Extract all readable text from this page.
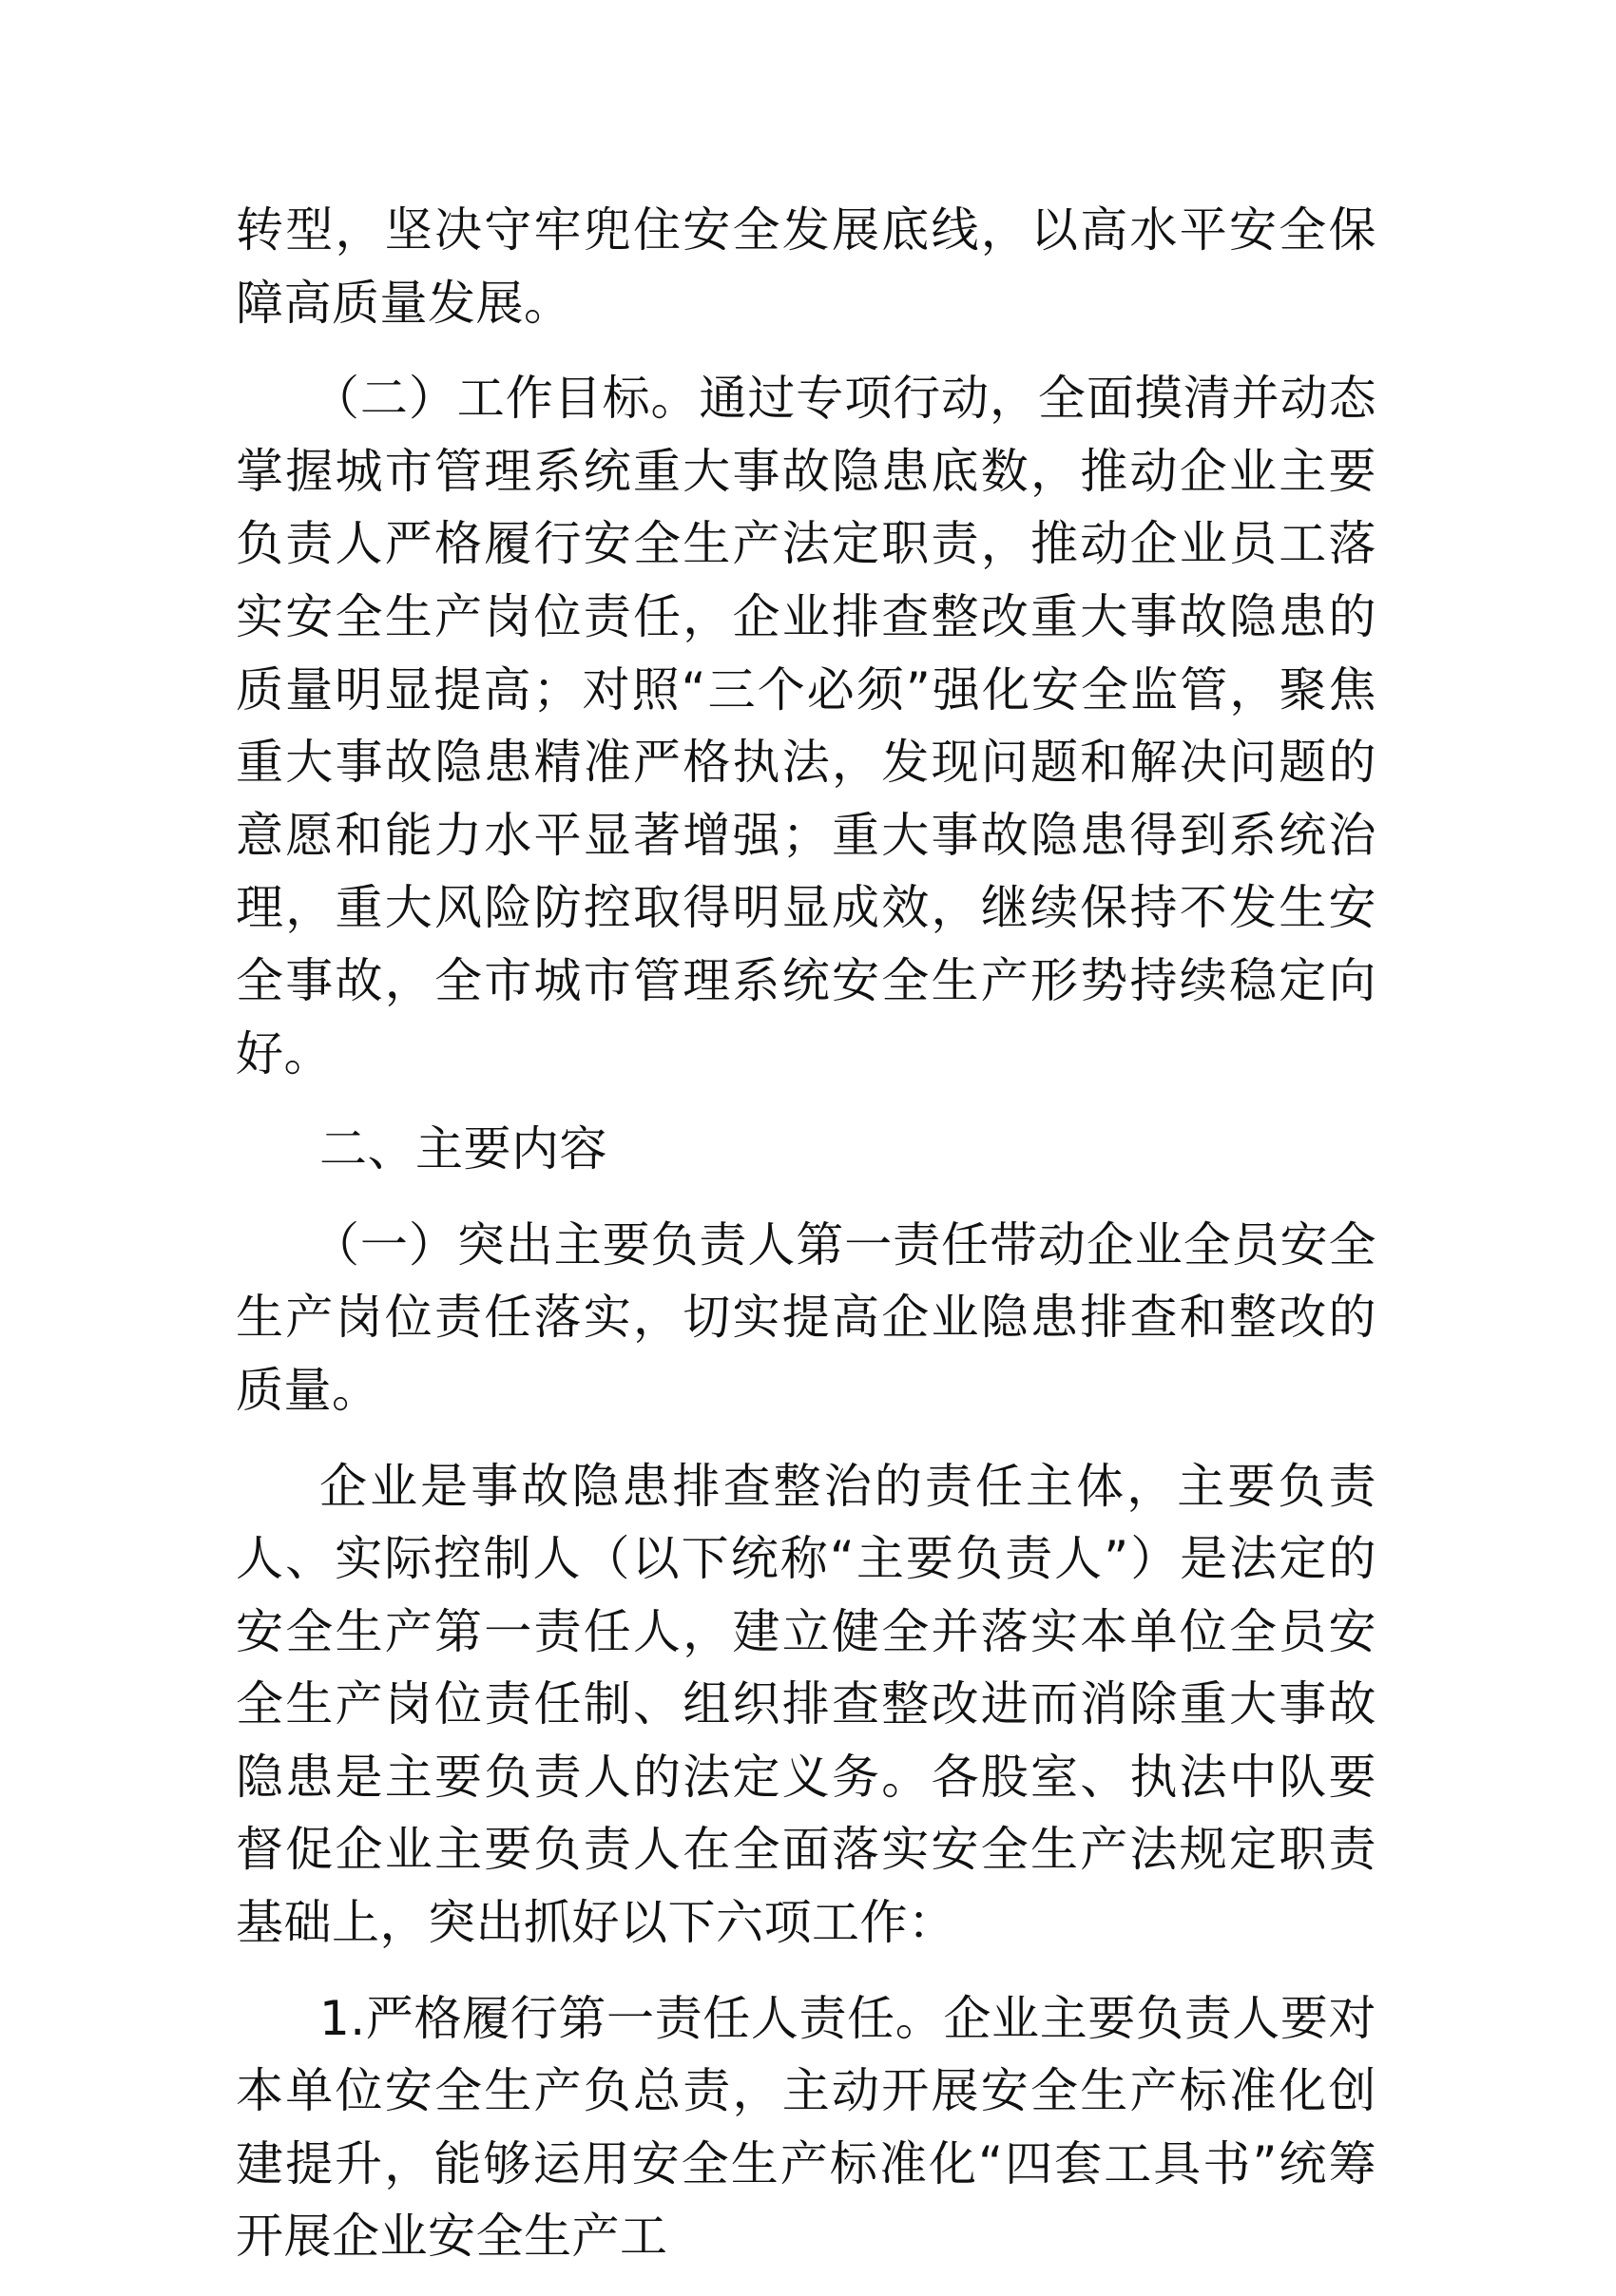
转型，坚决守牢兜住安全发展底线，以高水平安全保障高质量发展。

（二）工作目标。通过专项行动，全面摸清并动态掌握城市管理系统重大事故隐患底数，推动企业主要负责人严格履行安全生产法定职责，推动企业员工落实安全生产岗位责任，企业排查整改重大事故隐患的质量明显提高；对照“三个必须”强化安全监管，聚焦重大事故隐患精准严格执法，发现问题和解决问题的意愿和能力水平显著增强；重大事故隐患得到系统治理，重大风险防控取得明显成效，继续保持不发生安全事故，全市城市管理系统安全生产形势持续稳定向好。

二、主要内容

（一）突出主要负责人第一责任带动企业全员安全生产岗位责任落实，切实提高企业隐患排查和整改的质量。

企业是事故隐患排查整治的责任主体，主要负责人、实际控制人（以下统称“主要负责人”）是法定的安全生产第一责任人，建立健全并落实本单位全员安全生产岗位责任制、组织排查整改进而消除重大事故隐患是主要负责人的法定义务。各股室、执法中队要督促企业主要负责人在全面落实安全生产法规定职责基础上，突出抓好以下六项工作：

1.严格履行第一责任人责任。企业主要负责人要对本单位安全生产负总责，主动开展安全生产标准化创建提升，能够运用安全生产标准化“四套工具书”统筹开展企业安全生产工
